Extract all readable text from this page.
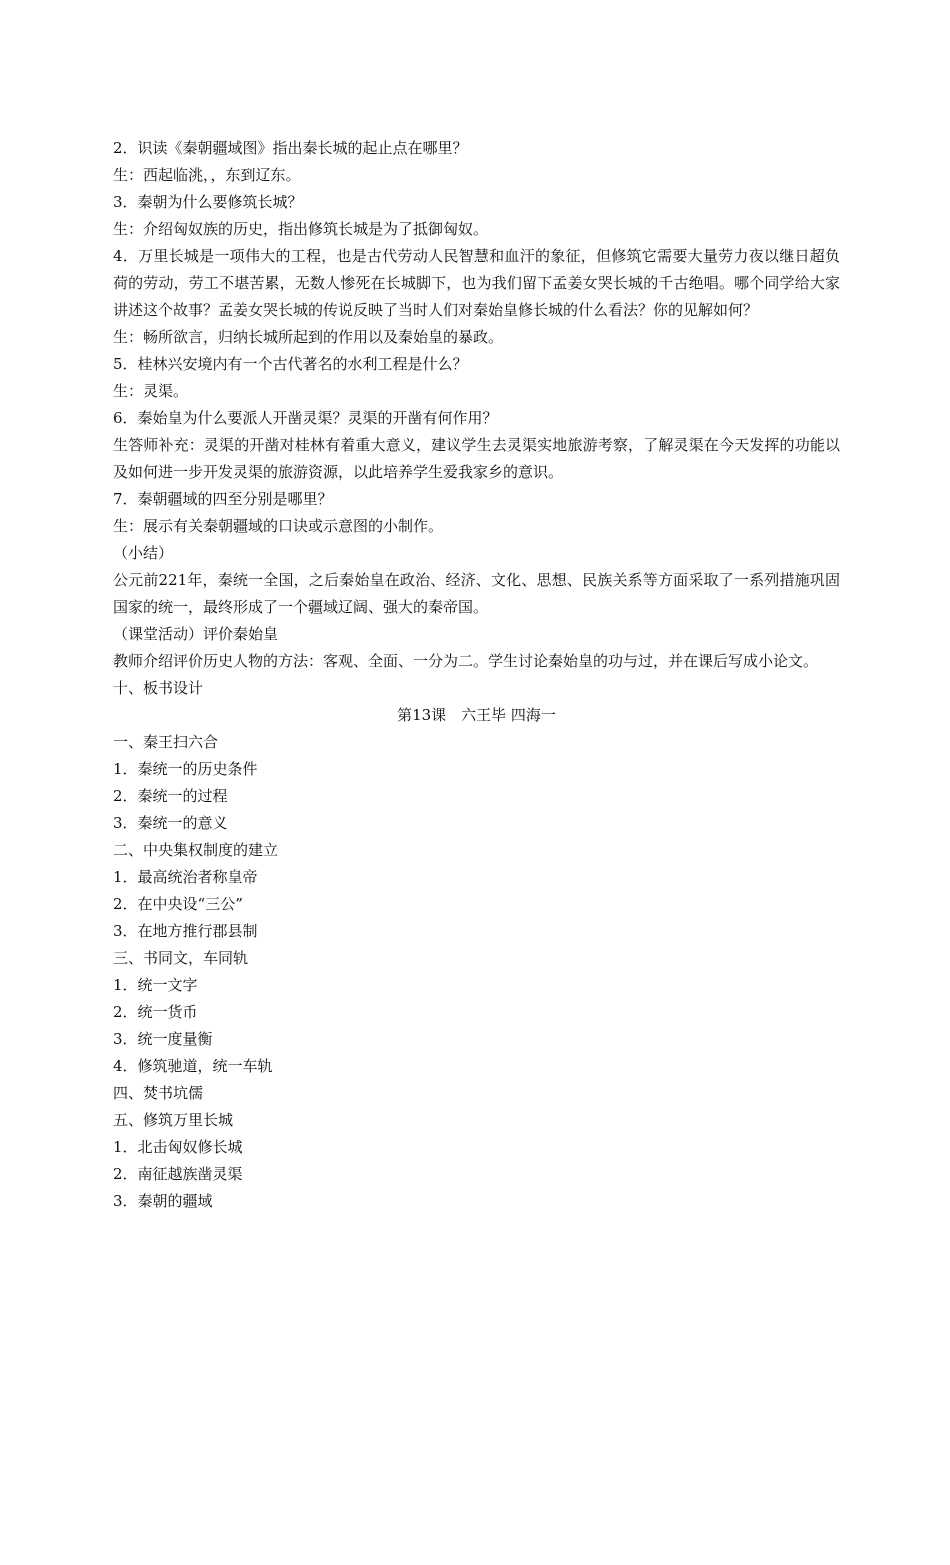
2．识读《秦朝疆域图》指出秦长城的起止点在哪里？

生：西起临洮，，东到辽东。

3．秦朝为什么要修筑长城？

生：介绍匈奴族的历史，指出修筑长城是为了抵御匈奴。

4．万里长城是一项伟大的工程，也是古代劳动人民智慧和血汗的象征，但修筑它需要大量劳力夜以继日超负荷的劳动，劳工不堪苦累，无数人惨死在长城脚下，也为我们留下孟姜女哭长城的千古绝唱。哪个同学给大家讲述这个故事？孟姜女哭长城的传说反映了当时人们对秦始皇修长城的什么看法？你的见解如何？

生：畅所欲言，归纳长城所起到的作用以及秦始皇的暴政。

5．桂林兴安境内有一个古代著名的水利工程是什么？

生：灵渠。

6．秦始皇为什么要派人开凿灵渠？灵渠的开凿有何作用？

生答师补充：灵渠的开凿对桂林有着重大意义，建议学生去灵渠实地旅游考察，了解灵渠在今天发挥的功能以及如何进一步开发灵渠的旅游资源，以此培养学生爱我家乡的意识。

7．秦朝疆域的四至分别是哪里？

生：展示有关秦朝疆域的口诀或示意图的小制作。

（小结）

公元前221年，秦统一全国，之后秦始皇在政治、经济、文化、思想、民族关系等方面采取了一系列措施巩固国家的统一，最终形成了一个疆域辽阔、强大的秦帝国。

（课堂活动）评价秦始皇

教师介绍评价历史人物的方法：客观、全面、一分为二。学生讨论秦始皇的功与过，并在课后写成小论文。

十、板书设计

第13课　六王毕 四海一

一、秦王扫六合

1．秦统一的历史条件

2．秦统一的过程

3．秦统一的意义

二、中央集权制度的建立

1．最高统治者称皇帝

2．在中央设“三公”

3．在地方推行郡县制

三、书同文，车同轨

1．统一文字

2．统一货币

3．统一度量衡

4．修筑驰道，统一车轨

四、焚书坑儒

五、修筑万里长城

1．北击匈奴修长城

2．南征越族凿灵渠

3．秦朝的疆域
